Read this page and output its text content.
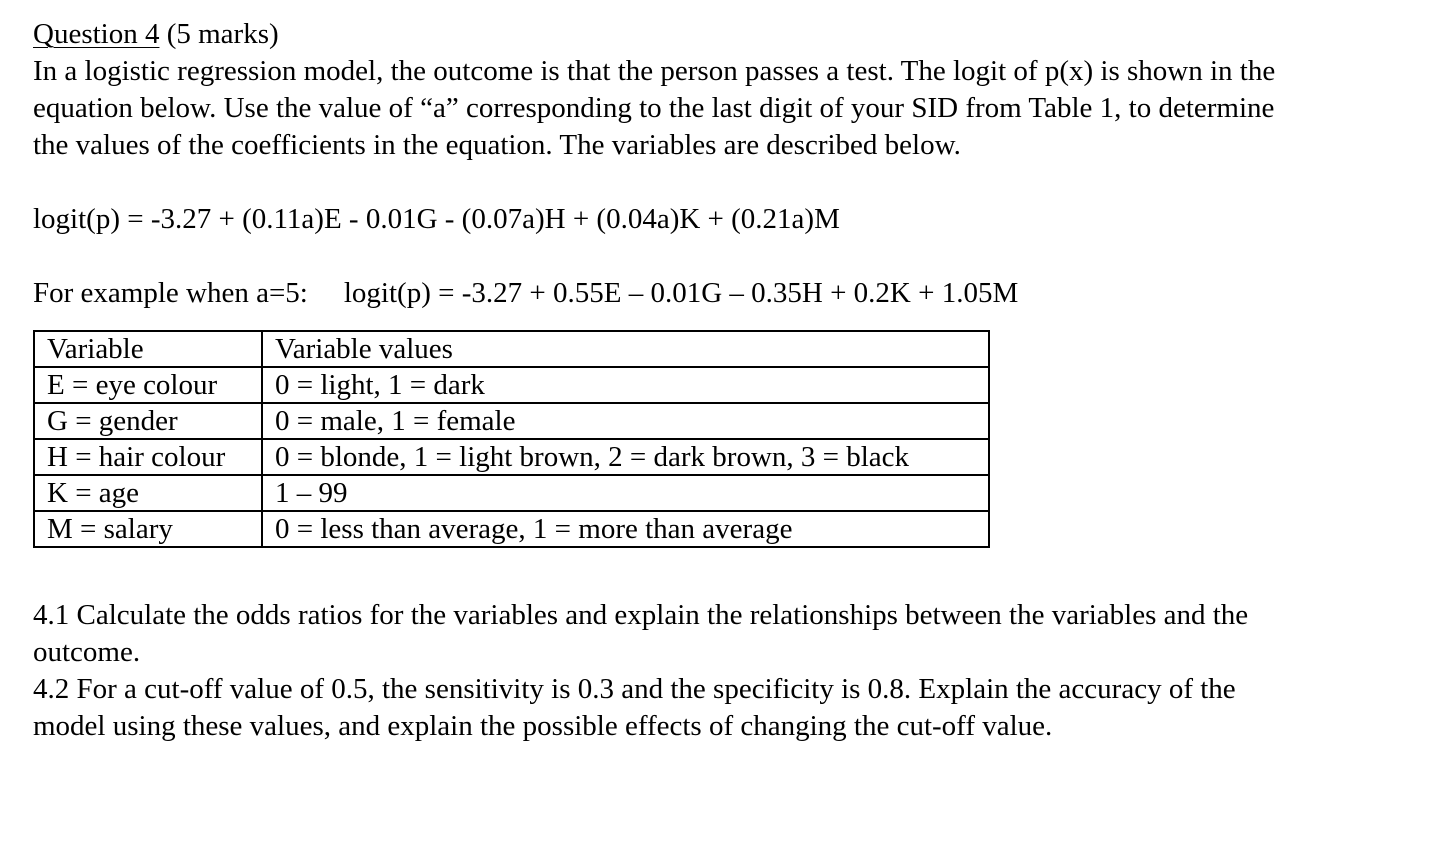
Question 4 (5 marks)
In a logistic regression model, the outcome is that the person passes a test. The logit of p(x) is shown in the
equation below. Use the value of “a” corresponding to the last digit of your SID from Table 1, to determine
the values of the coefficients in the equation. The variables are described below.
logit(p) = -3.27 + (0.11a)E - 0.01G - (0.07a)H + (0.04a)K + (0.21a)M
For example when a=5: logit(p) = -3.27 + 0.55E – 0.01G – 0.35H + 0.2K + 1.05M
Variable	Variable values
E = eye colour	0 = light, 1 = dark
G = gender	0 = male, 1 = female
H = hair colour	0 = blonde, 1 = light brown, 2 = dark brown, 3 = black
K = age	1 – 99
M = salary	0 = less than average, 1 = more than average
4.1 Calculate the odds ratios for the variables and explain the relationships between the variables and the
outcome.
4.2 For a cut-off value of 0.5, the sensitivity is 0.3 and the specificity is 0.8. Explain the accuracy of the
model using these values, and explain the possible effects of changing the cut-off value.
